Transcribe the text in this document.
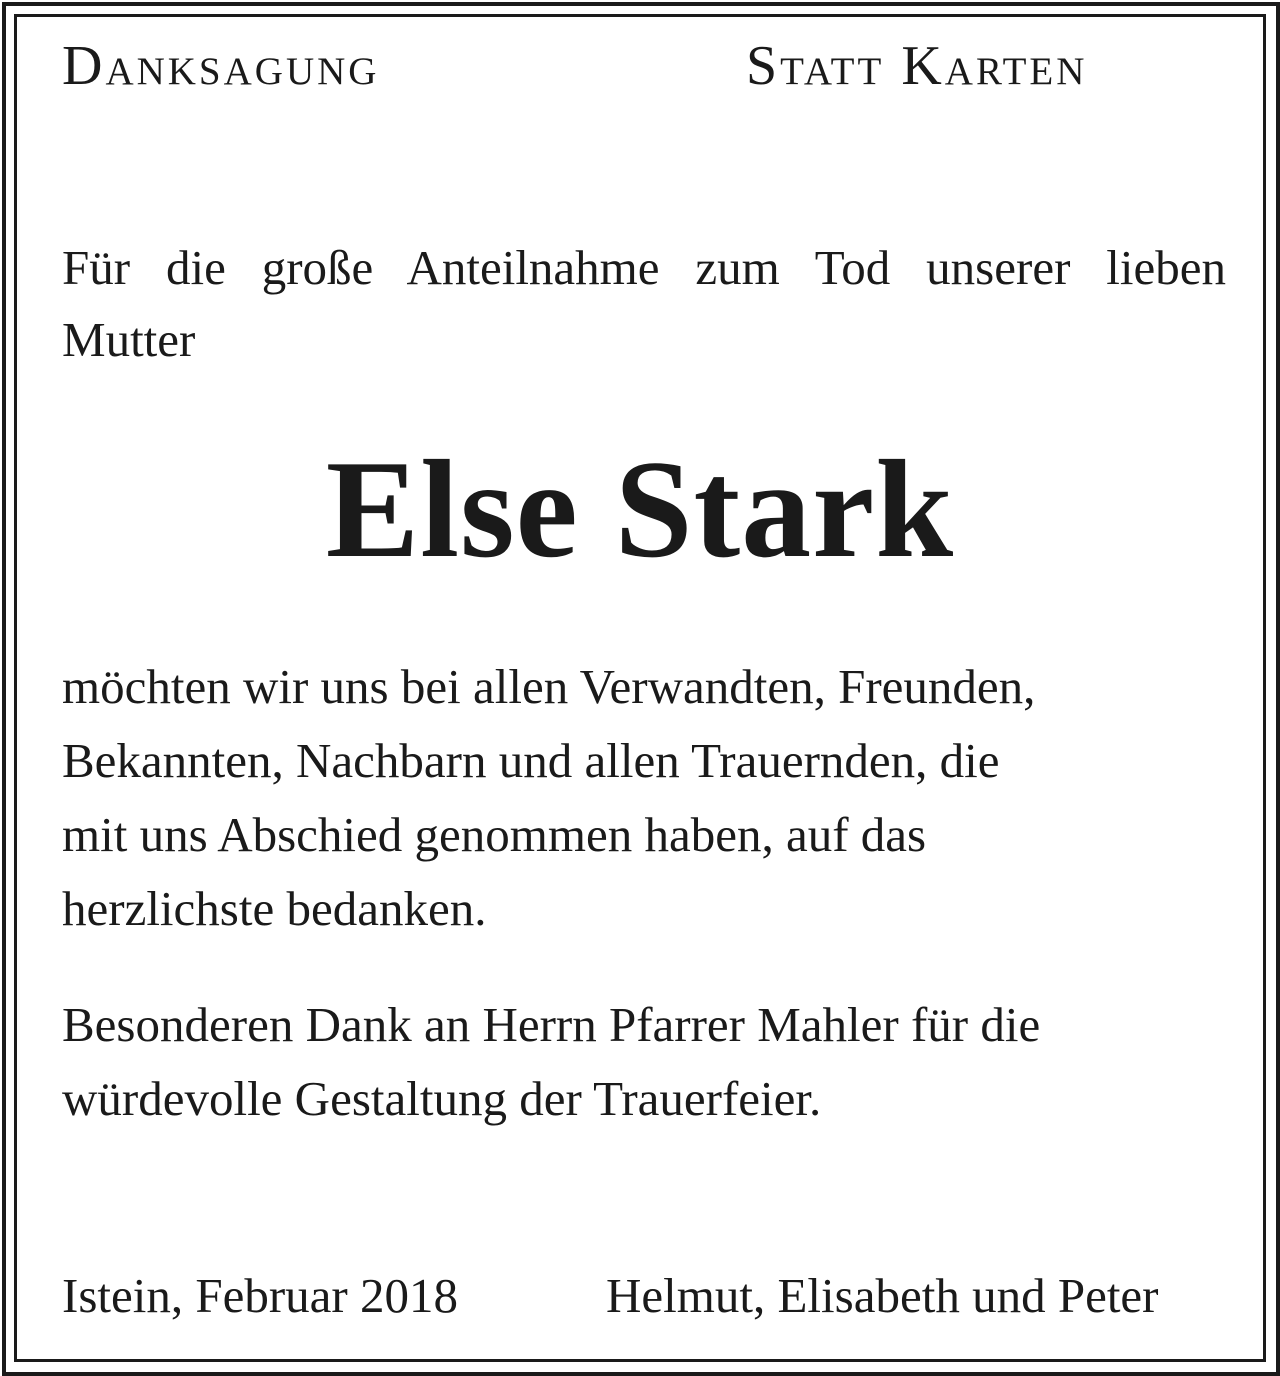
Danksagung	Statt Karten
Für die große Anteilnahme zum Tod unserer lieben Mutter
Else Stark
möchten wir uns bei allen Verwandten, Freunden,
Bekannten, Nachbarn und allen Trauernden, die
mit uns Abschied genommen haben, auf das
herzlichste bedanken.
Besonderen Dank an Herrn Pfarrer Mahler für die
würdevolle Gestaltung der Trauerfeier.
Istein, Februar 2018	Helmut, Elisabeth und Peter
